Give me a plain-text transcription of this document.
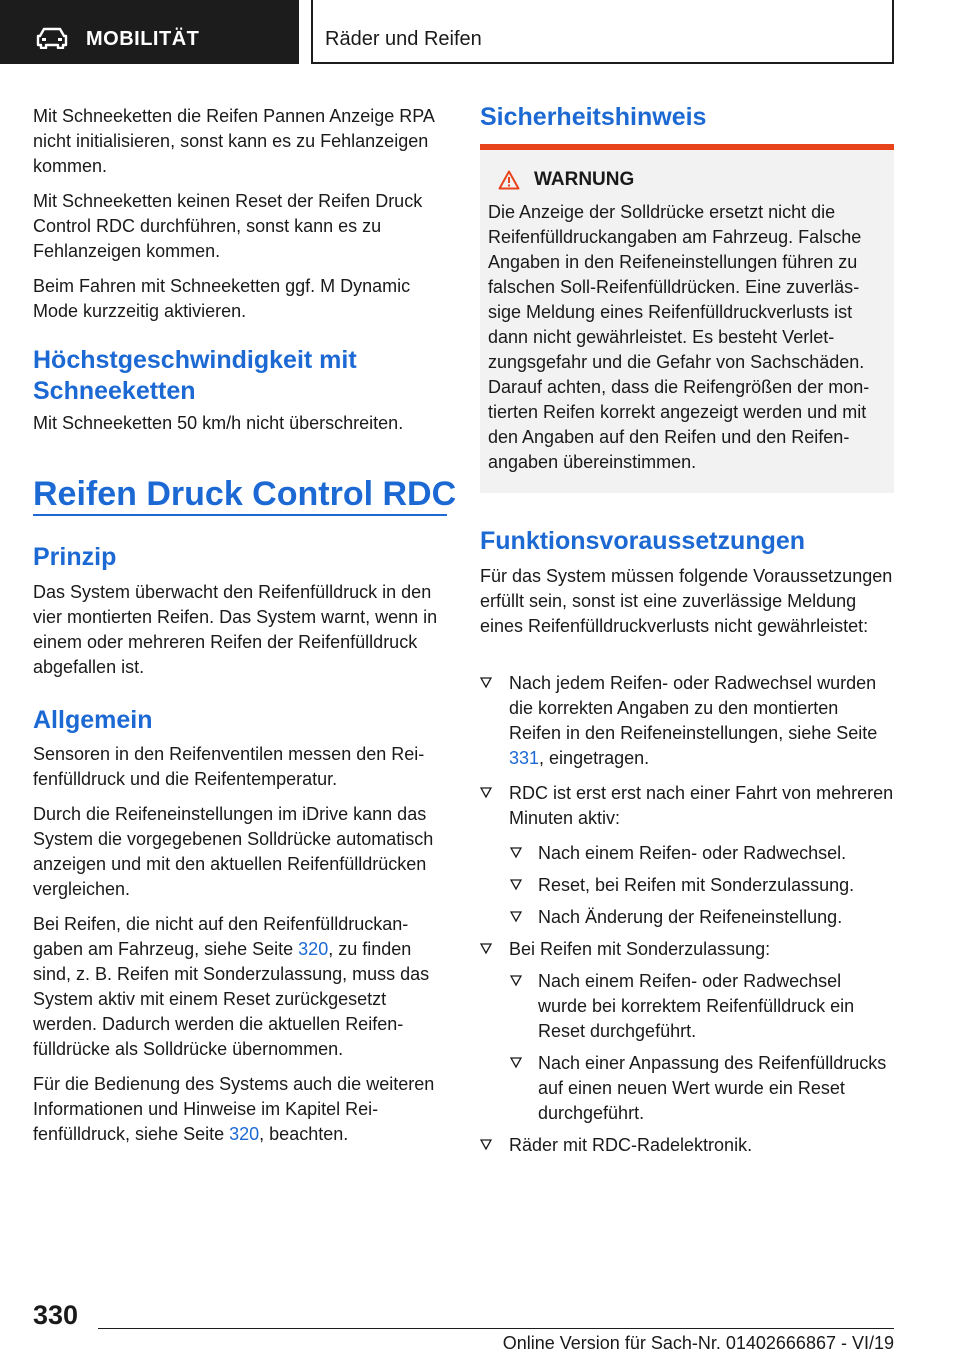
MOBILITÄT	Räder und Reifen

Mit Schneeketten die Reifen Pannen Anzeige RPA nicht initialisieren, sonst kann es zu Fehlanzeigen kommen.

Mit Schneeketten keinen Reset der Reifen Druck Control RDC durchführen, sonst kann es zu Fehlanzeigen kommen.

Beim Fahren mit Schneeketten ggf. M Dynamic Mode kurzzeitig aktivieren.

Höchstgeschwindigkeit mit Schneeketten

Mit Schneeketten 50 km/h nicht überschreiten.

Reifen Druck Control RDC
Prinzip

Das System überwacht den Reifenfülldruck in den vier montierten Reifen. Das System warnt, wenn in einem oder mehreren Reifen der Reifenfülldruck abgefallen ist.

Allgemein

Sensoren in den Reifenventilen messen den Reifenfülldruck und die Reifentemperatur.

Durch die Reifeneinstellungen im iDrive kann das System die vorgegebenen Solldrücke automatisch anzeigen und mit den aktuellen Reifenfülldrücken vergleichen.

Bei Reifen, die nicht auf den Reifenfülldruckangaben am Fahrzeug, siehe Seite 320, zu finden sind, z. B. Reifen mit Sonderzulassung, muss das System aktiv mit einem Reset zurückgesetzt werden. Dadurch werden die aktuellen Reifenfülldrücke als Solldrücke übernommen.

Für die Bedienung des Systems auch die weiteren Informationen und Hinweise im Kapitel Reifenfülldruck, siehe Seite 320, beachten.

Sicherheitshinweis
WARNUNG

Die Anzeige der Solldrücke ersetzt nicht die Reifenfülldruckangaben am Fahrzeug. Falsche Angaben in den Reifeneinstellungen führen zu falschen Soll-Reifenfülldrücken. Eine zuverlässige Meldung eines Reifenfülldruckverlusts ist dann nicht gewährleistet. Es besteht Verletzungsgefahr und die Gefahr von Sachschäden. Darauf achten, dass die Reifengrößen der montierten Reifen korrekt angezeigt werden und mit den Angaben auf den Reifen und den Reifenangaben übereinstimmen.

Funktionsvoraussetzungen

Für das System müssen folgende Voraussetzungen erfüllt sein, sonst ist eine zuverlässige Meldung eines Reifenfülldruckverlusts nicht gewährleistet:

Nach jedem Reifen- oder Radwechsel wurden die korrekten Angaben zu den montierten Reifen in den Reifeneinstellungen, siehe Seite 331, eingetragen.
RDC ist erst erst nach einer Fahrt von mehreren Minuten aktiv:
Nach einem Reifen- oder Radwechsel.
Reset, bei Reifen mit Sonderzulassung.
Nach Änderung der Reifeneinstellung.
Bei Reifen mit Sonderzulassung:
Nach einem Reifen- oder Radwechsel wurde bei korrektem Reifenfülldruck ein Reset durchgeführt.
Nach einer Anpassung des Reifenfülldrucks auf einen neuen Wert wurde ein Reset durchgeführt.
Räder mit RDC-Radelektronik.
330
Online Version für Sach-Nr. 01402666867 - VI/19
